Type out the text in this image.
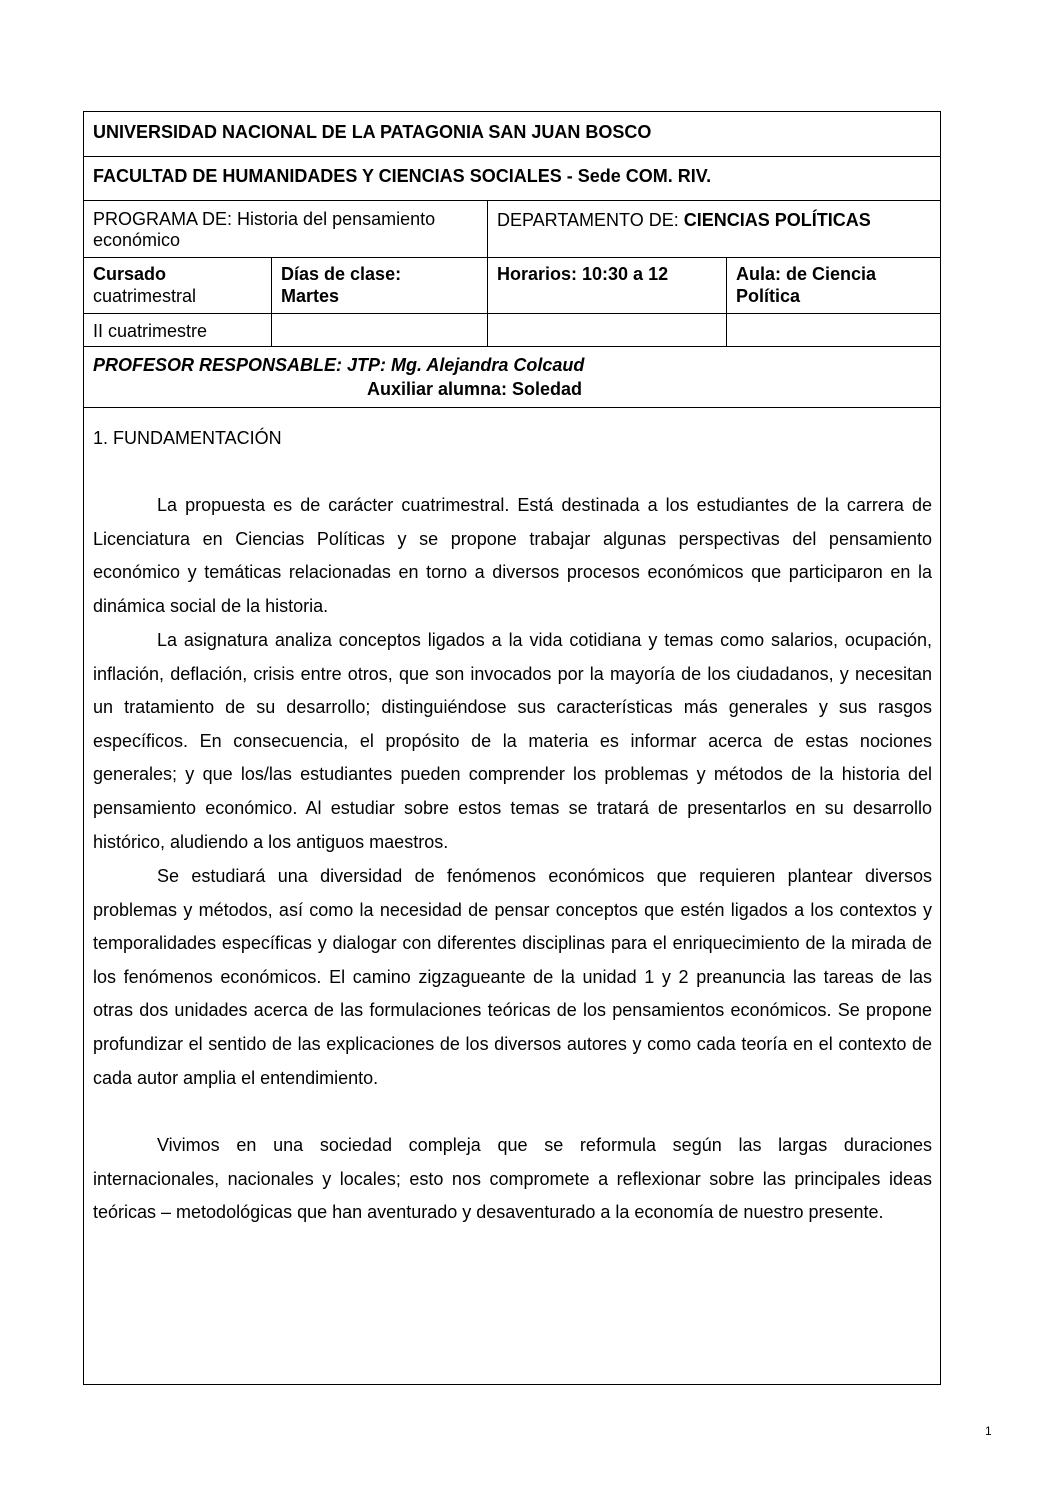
UNIVERSIDAD NACIONAL DE LA PATAGONIA SAN JUAN BOSCO
FACULTAD DE HUMANIDADES Y CIENCIAS SOCIALES - Sede COM. RIV.
PROGRAMA DE: Historia del pensamiento económico
DEPARTAMENTO DE: CIENCIAS POLÍTICAS
Cursado
cuatrimestral
Días de clase:
Martes
Horarios: 10:30 a 12	Aula: de Ciencia
Política
II cuatrimestre
PROFESOR RESPONSABLE: JTP: Mg. Alejandra Colcaud
Auxiliar alumna: Soledad
1. FUNDAMENTACIÓN

La propuesta es de carácter cuatrimestral. Está destinada a los estudiantes de la carrera de Licenciatura en Ciencias Políticas y se propone trabajar algunas perspectivas del pensamiento económico y temáticas relacionadas en torno a diversos procesos económicos que participaron en la dinámica social de la historia.

La asignatura analiza conceptos ligados a la vida cotidiana y temas como salarios, ocupación, inflación, deflación, crisis entre otros, que son invocados por la mayoría de los ciudadanos, y necesitan un tratamiento de su desarrollo; distinguiéndose sus características más generales y sus rasgos específicos. En consecuencia, el propósito de la materia es informar acerca de estas nociones generales; y que los/las estudiantes pueden comprender los problemas y métodos de la historia del pensamiento económico. Al estudiar sobre estos temas se tratará de presentarlos en su desarrollo histórico, aludiendo a los antiguos maestros.

Se estudiará una diversidad de fenómenos económicos que requieren plantear diversos problemas y métodos, así como la necesidad de pensar conceptos que estén ligados a los contextos y temporalidades específicas y dialogar con diferentes disciplinas para el enriquecimiento de la mirada de los fenómenos económicos. El camino zigzagueante de la unidad 1 y 2 preanuncia las tareas de las otras dos unidades acerca de las formulaciones teóricas de los pensamientos económicos. Se propone profundizar el sentido de las explicaciones de los diversos autores y como cada teoría en el contexto de cada autor amplia el entendimiento.

Vivimos en una sociedad compleja que se reformula según las largas duraciones internacionales, nacionales y locales; esto nos compromete a reflexionar sobre las principales ideas teóricas – metodológicas que han aventurado y desaventurado a la economía de nuestro presente.

1
